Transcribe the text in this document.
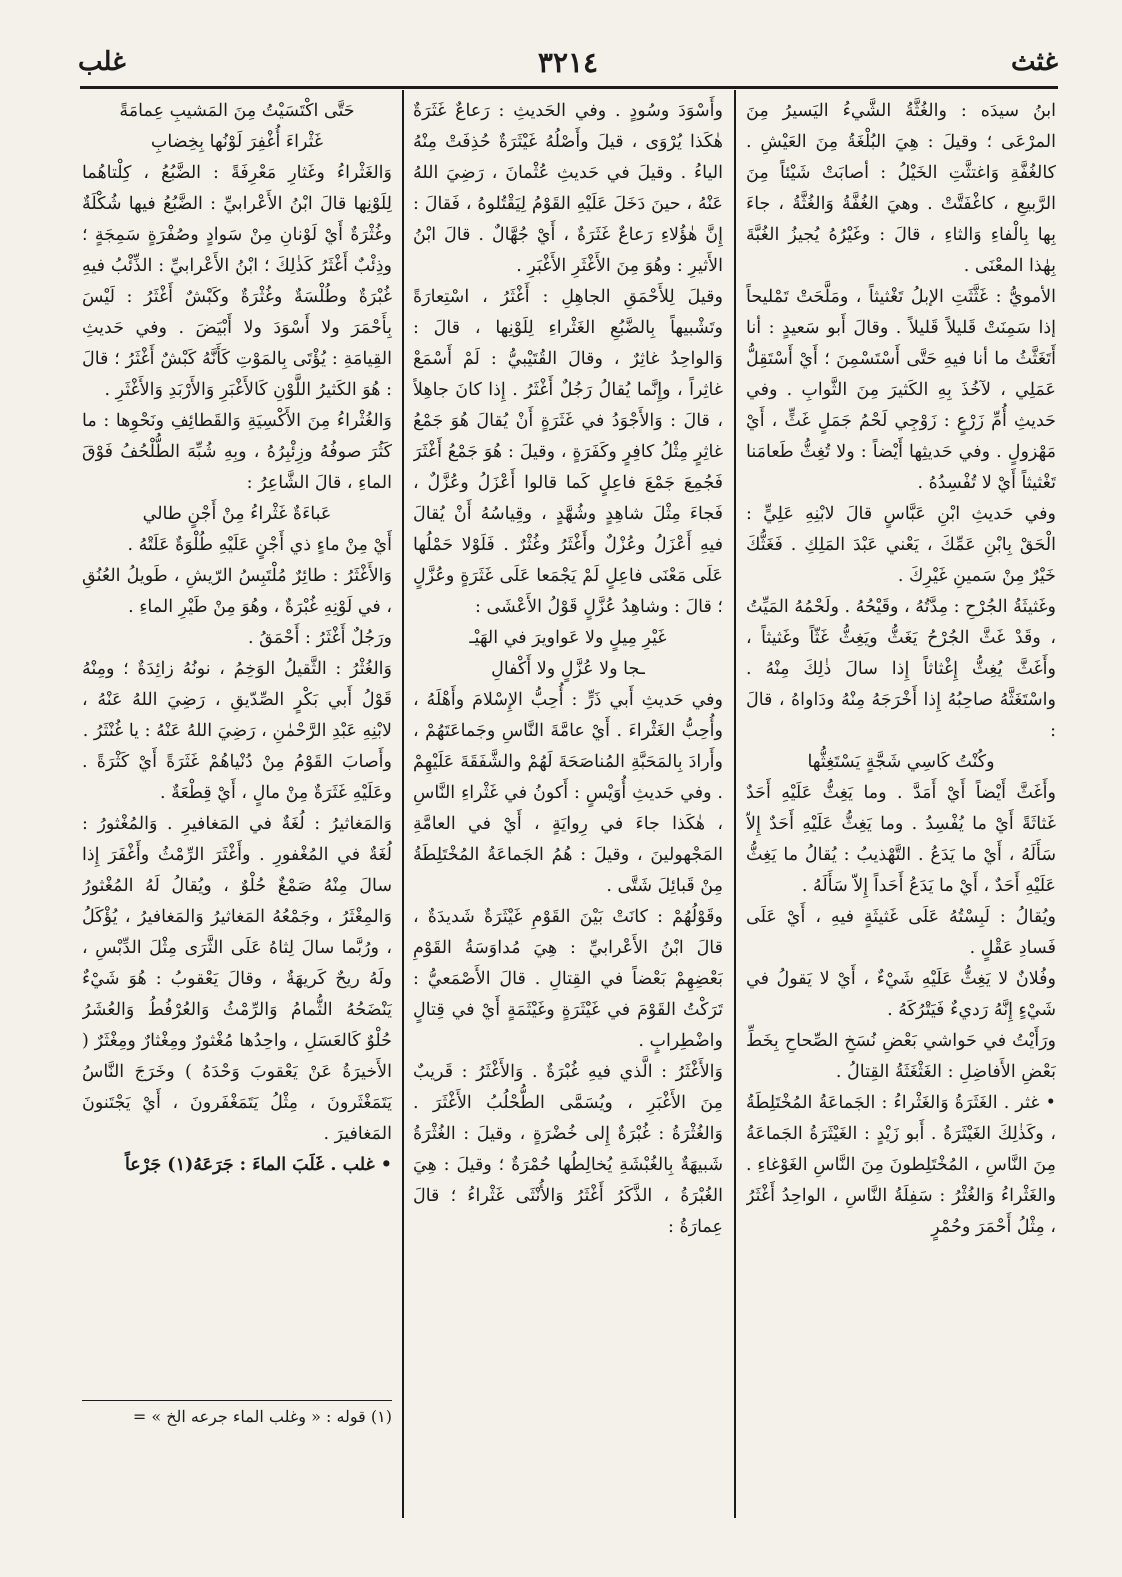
غثث
٣٢١٤
غلب

ابنُ سيدَه : والغُثَّةُ الشَّيءُ اليَسيرُ مِنَ المرْعَى ؛ وقيلَ : هِيَ البُلْغَةُ مِنَ العَيْشِ . كالغُفَّةِ وَاغتثَّتِ الخَيْلُ : أصابَتْ شَيْئاً مِنَ الرَّبيعِ ، كاغْفَتَّتْ . وهيَ الغُفَّةُ وَالغُثَّةُ ، جاءَ بِها بِالْفاءِ وَالثاءِ ، قالَ : وغَيْرُهُ يُجيزُ الغُبَّةَ بِهٰذا المعْنَى .

الأمويُّ : غَثَّثَتِ الإبلُ تَغْثيثاً ، ومَلَّحَتْ تَمْليحاً إذا سَمِنَتْ قَليلاً قَليلاً . وقالَ أَبو سَعيدٍ : أنا أَتَغَثَّثُ ما أنا فيهِ حَتَّى أَسْتَسْمِنَ ؛ أَيْ أَسْتَقِلُّ عَمَلِي ، لآخُذَ بِهِ الكَثيرَ مِنَ الثَّوابِ . وفي حَديثِ أُمِّ زَرْعٍ : زَوْجِي لَحْمُ جَمَلٍ غَثٍّ ، أَيْ مَهْزولٍ . وفي حَديثِها أَيْضاً : ولا تُغِثُّ طَعامَنا تَغْثيثاً أَيْ لا تُفْسِدُهُ .

وفي حَديثِ ابْنِ عَبَّاسٍ قالَ لابْنِهِ عَلِيٍّ : الْحَقْ بِابْنِ عَمِّكَ ، يَعْني عَبْدَ المَلِكِ . فَغَثُّكَ خَيْرٌ مِنْ سَمينِ غَيْرِكَ .

وغَثيثَةُ الجُرْحِ : مِدَّتُهُ ، وقَيْحُهُ . ولَحْمُهُ المَيِّتُ ، وقَدْ غَثَّ الجُرْحُ يَغَثُّ ويَغِثُّ غَثّاً وغَثيثاً ، وأَغَثَّ يُغِثُّ إِغْثاثاً إِذا سالَ ذٰلِكَ مِنْهُ . واسْتَغَثَّهُ صاحِبُهُ إِذا أَخْرَجَهُ مِنْهُ ودَاواهُ ، قالَ :

وكُنْتُ كَاسِي شَجَّةٍ يَسْتَغِثُّها

وأَغَثَّ أَيْضاً أَيْ أَمَدَّ . وما يَغِثُّ عَلَيْهِ أَحَدٌ غَثاثَةً أَيْ ما يُفْسِدُ . وما يَغِثُّ عَلَيْهِ أَحَدٌ إِلاّ سَأَلَهُ ، أَيْ ما يَدَعُ . التَّهْذيبُ : يُقالُ ما يَغِثُّ عَلَيْهِ أَحَدٌ ، أَيْ ما يَدَعُ أَحَداً إِلاّ سَأَلَهُ .

ويُقالُ : لَبِسْتُهُ عَلَى غَثيثَةٍ فيهِ ، أَيْ عَلَى فَسادِ عَقْلٍ .

وفُلانٌ لا يَغِثُّ عَلَيْهِ شَيْءٌ ، أَيْ لا يَقولُ في شَيْءٍ إِنَّهُ رَديءٌ فَيَتْرُكَهُ .

ورَأَيْتُ في حَواشي بَعْضِ نُسَخِ الصِّحاحِ بِخَطِّ بَعْضِ الأَفاضِلِ : الغَثْغَثَةُ القِتالُ .

• غثر . الغَثَرَةُ وَالغَثْراءُ : الجَماعَةُ المُخْتَلِطَةُ ، وكَذٰلِكَ الغَيْثَرَةُ . أَبو زَيْدٍ : الغَيْثَرَةُ الجَماعَةُ مِنَ النَّاسِ ، المُخْتَلِطونَ مِنَ النَّاسِ الغَوْغاءِ . والغَثْراءُ وَالغُثْرُ : سَفِلَةُ النَّاسِ ، الواحِدُ أَغْثَرُ ، مِثْلُ أَحْمَرَ وحُمْرٍ

وأَسْوَدَ وسُودٍ . وفي الحَديثِ : رَعاعٌ غَثَرَةٌ هٰكَذا يُرْوَى ، قيلَ وأَصْلُهُ غَيْثَرَةٌ حُذِفَتْ مِنْهُ الياءُ . وقيلَ في حَديثِ عُثْمانَ ، رَضِيَ اللهُ عَنْهُ ، حينَ دَخَلَ عَلَيْهِ القَوْمُ لِيَقْتُلوهُ ، فَقالَ : إِنَّ هٰؤُلاءِ رَعاعٌ غَثَرَةٌ ، أَيْ جُهَّالٌ . قالَ ابْنُ الأَثيرِ : وهُوَ مِنَ الأَغْثَرِ الأَغْبَرِ .

وقيلَ لِلأَحْمَقِ الجاهِلِ : أَغْثَرُ ، اسْتِعارَةً وتَشْبيهاً بِالضَّبُعِ الغَثْراءِ لِلَوْنِها ، قالَ : وَالواحِدُ غاثِرٌ ، وقالَ القُتَيْبيُّ : لَمْ أَسْمَعْ غاثِراً ، وإِنَّما يُقالُ رَجُلٌ أَغْثَرُ . إِذا كانَ جاهِلاً ، قالَ : وَالأَجْوَدُ في غَثَرَةٍ أَنْ يُقالَ هُوَ جَمْعُ غاثِرٍ مِثْلُ كافِرٍ وكَفَرَةٍ ، وقيلَ : هُوَ جَمْعُ أَغْثَرَ فَجُمِعَ جَمْعَ فاعِلٍ كَما قالوا أَعْزَلُ وعُزَّلٌ ، فَجاءَ مِثْلَ شاهِدٍ وشُهَّدٍ ، وقِياسُهُ أَنْ يُقالَ فيهِ أَعْزَلُ وعُزْلٌ وأَغْثَرُ وغُثْرٌ . فَلَوْلا حَمْلُها عَلَى مَعْنَى فاعِلٍ لَمْ يَجْمَعا عَلَى غَثَرَةٍ وعُزَّلٍ ؛ قالَ : وشاهِدُ عُزَّلٍ قَوْلُ الأَعْشَى :

غَيْرِ مِيلٍ ولا عَواويرَ في الهَيْـ

ـجا ولا عُزَّلٍ ولا أَكْفالِ

وفي حَديثِ أَبي ذَرٍّ : أُحِبُّ الإِسْلامَ وأَهْلَهُ ، وأُحِبُّ الغَثْراءَ . أَيْ عامَّةَ النَّاسِ وجَماعَتَهُمْ ، وأَرادَ بِالمَحَبَّةِ المُناصَحَةَ لَهُمْ والشَّفَقَةَ عَلَيْهِمْ . وفي حَديثِ أُوَيْسٍ : أَكونُ في غَثْراءِ النَّاسِ ، هٰكَذا جاءَ في رِوايَةٍ ، أَيْ في العامَّةِ المَجْهولينَ ، وقيلَ : هُمُ الجَماعَةُ المُخْتَلِطَةُ مِنْ قَبائِلَ شَتَّى .

وقَوْلُهُمْ : كانَتْ بَيْنَ القَوْمِ غَيْثَرَةٌ شَديدَةٌ ، قالَ ابْنُ الأَعْرابيِّ : هِيَ مُداوَسَةُ القَوْمِ بَعْضِهِمْ بَعْضاً في القِتالِ . قالَ الأَصْمَعيُّ : تَرَكْتُ القَوْمَ في غَيْثَرَةٍ وغَيْثَمَةٍ أَيْ في قِتالٍ واضْطِرابٍ .

وَالأَغْثَرُ : الَّذي فيهِ غُبْرَةٌ . وَالأَغْثَرُ : قَريبٌ مِنَ الأَغْبَرِ ، ويُسَمَّى الطُّحْلُبُ الأَغْثَرَ . وَالغُثْرَةُ : غُبْرَةٌ إِلى خُضْرَةٍ ، وقيلَ : الغُثْرَةُ شَبيهَةٌ بِالغُبْشَةِ يُخالِطُها حُمْرَةٌ ؛ وقيلَ : هِيَ الغُبْرَةُ ، الذَّكَرُ أَغْثَرُ وَالأُنْثَى غَثْراءُ ؛ قالَ عِمارَةُ :

حَتَّى اكْتَسَيْتُ مِنَ المَشيبِ عِمامَةً

غَثْراءَ أُغْفِرَ لَوْنُها بِخِضابِ

وَالغَثْراءُ وغَثارِ مَعْرِفَةً : الضَّبُعُ ، كِلْتاهُما لِلَوْنِها قالَ ابْنُ الأَعْرابيِّ : الضَّبُعُ فيها شُكْلَةٌ وغُثْرَةٌ أَيْ لَوْنانِ مِنْ سَوادٍ وصُفْرَةٍ سَمِجَةٍ ؛ وذِئْبٌ أَغْثَرُ كَذٰلِكَ ؛ ابْنُ الأَعْرابيِّ : الذِّئْبُ فيهِ غُبْرَةٌ وطُلْسَةٌ وغُثْرَةٌ وكَبْشٌ أَغْثَرُ : لَيْسَ بِأَحْمَرَ ولا أَسْوَدَ ولا أَبْيَضَ . وفي حَديثِ القِيامَةِ : يُؤْتَى بِالمَوْتِ كَأَنَّهُ كَبْشٌ أَغْثَرُ ؛ قالَ : هُوَ الكَثيرُ اللَّوْنِ كَالأَغْبَرِ وَالأَرْبَدِ وَالأَغْثَرِ .

وَالغُثْراءُ مِنَ الأَكْسِيَةِ وَالقَطائِفِ ونَحْوِها : ما كَثُرَ صوفُهُ وزِئْبِرُهُ ، وبِهِ شُبِّهَ الطُّلْحُفُ فَوْقَ الماءِ ، قالَ الشَّاعِرُ :

عَباءَةٌ غَثْراءُ مِنْ أَجْنٍ طالي

أَيْ مِنْ ماءٍ ذي أَجْنٍ عَلَيْهِ طُلْوَةٌ عَلَتْهُ .

وَالأَغْثَرُ : طائِرٌ مُلْتَبِسُ الرّيشِ ، طَويلُ العُنُقِ ، في لَوْنِهِ غُبْرَةٌ ، وهُوَ مِنْ طَيْرِ الماءِ .

ورَجُلٌ أَغْثَرُ : أَحْمَقُ .

وَالغُثْرُ : الثَّقيلُ الوَخِمُ ، نونُهُ زائِدَةٌ ؛ ومِنْهُ قَوْلُ أَبي بَكْرٍ الصِّدّيقِ ، رَضِيَ اللهُ عَنْهُ ، لابْنِهِ عَبْدِ الرَّحْمٰنِ ، رَضِيَ اللهُ عَنْهُ : يا غُنْثَرُ .

وأَصابَ القَوْمُ مِنْ دُنْياهُمْ غَثَرَةً أَيْ كَثْرَةً . وعَلَيْهِ غَثَرَةٌ مِنْ مالٍ ، أَيْ قِطْعَةٌ .

وَالمَغاثيرُ : لُغَةٌ في المَغافيرِ . وَالمُغْثورُ : لُغَةٌ في المُغْفورِ . وأَغْثَرَ الرِّمْثُ وأَغْفَرَ إِذا سالَ مِنْهُ صَمْغٌ حُلْوٌ ، ويُقالُ لَهُ المُغْثورُ وَالمِغْثَرُ ، وجَمْعُهُ المَغاثيرُ وَالمَغافيرُ ، يُؤْكَلُ ، ورُبَّما سالَ لِثاهُ عَلَى الثَّرَى مِثْلَ الدِّبْسِ ، ولَهُ ريحٌ كَريهَةٌ ، وقالَ يَعْقوبُ : هُوَ شَيْءٌ يَنْضَحُهُ الثُّمامُ وَالرِّمْثُ وَالعُرْفُطُ وَالعُشَرُ حُلْوٌ كَالعَسَلِ ، واحِدُها مُغْثورٌ ومِغْثارٌ ومِغْثَرٌ ( الأَخيرَةُ عَنْ يَعْقوبَ وَحْدَهُ ) وخَرَجَ النَّاسُ يَتَمَغْثَرونَ ، مِثْلُ يَتَمَغْفَرونَ ، أَيْ يَجْتَنونَ المَغافيرَ .

• غلب . غَلَبَ الماءَ : جَرَعَهُ(١) جَرْعاً

(١) قوله : « وغلب الماء جرعه الخ » =
